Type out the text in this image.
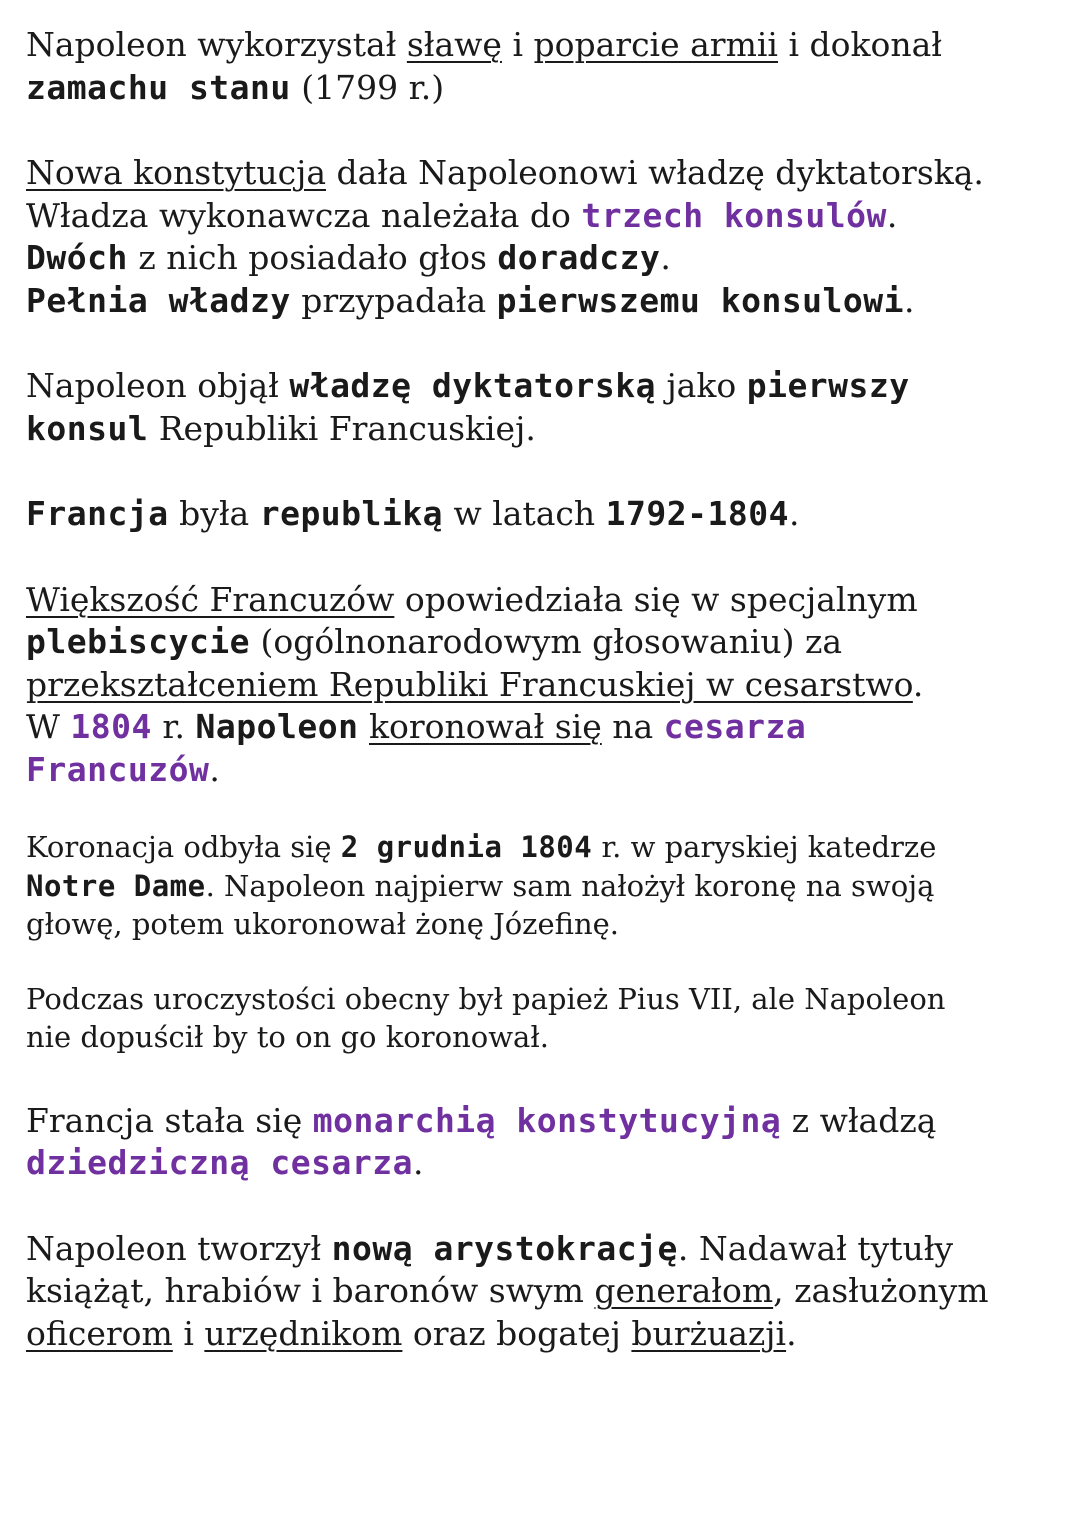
Napoleon wykorzystał sławę i poparcie armii i dokonał
zamachu stanu (1799 r.)
Nowa konstytucja dała Napoleonowi władzę dyktatorską.
Władza wykonawcza należała do trzech konsulów.
Dwóch z nich posiadało głos doradczy.
Pełnia władzy przypadała pierwszemu konsulowi.
Napoleon objął władzę dyktatorską jako pierwszy
konsul Republiki Francuskiej.
Francja była republiką w latach 1792-1804.
Większość Francuzów opowiedziała się w specjalnym
plebiscycie (ogólnonarodowym głosowaniu) za
przekształceniem Republiki Francuskiej w cesarstwo.
W 1804 r. Napoleon koronował się na cesarza
Francuzów.
Koronacja odbyła się 2 grudnia 1804 r. w paryskiej katedrze
Notre Dame. Napoleon najpierw sam nałożył koronę na swoją
głowę, potem ukoronował żonę Józefinę.
Podczas uroczystości obecny był papież Pius VII, ale Napoleon
nie dopuścił by to on go koronował.
Francja stała się monarchią konstytucyjną z władzą
dziedziczną cesarza.
Napoleon tworzył nową arystokrację. Nadawał tytuły
książąt, hrabiów i baronów swym generałom, zasłużonym
oficerom i urzędnikom oraz bogatej burżuazji.
